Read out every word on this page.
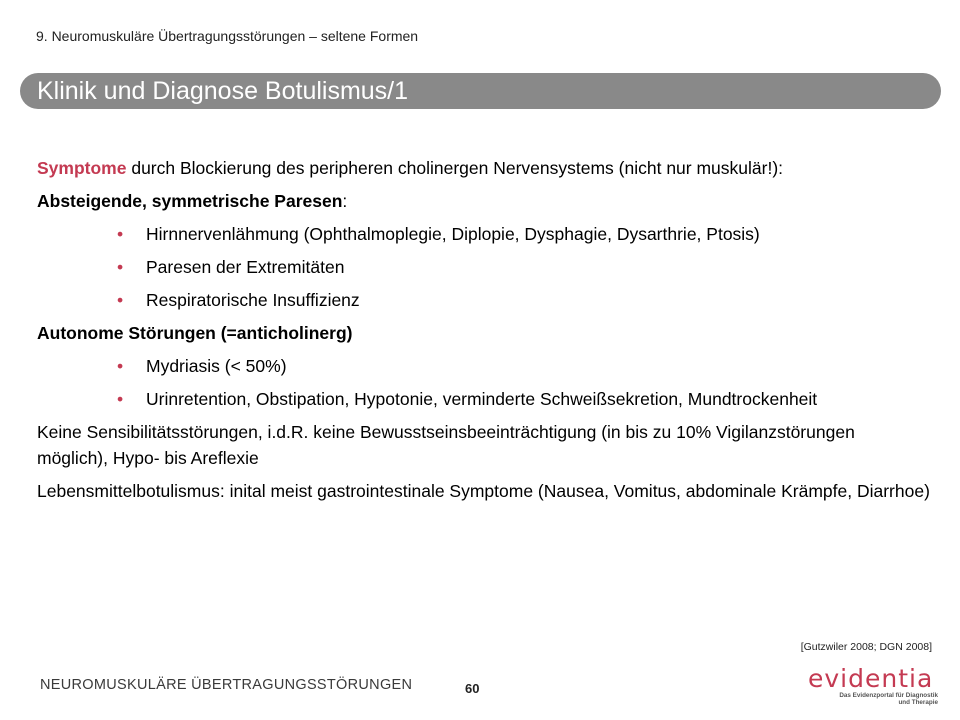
9. Neuromuskuläre Übertragungsstörungen – seltene Formen
Klinik und Diagnose Botulismus/1

Symptome durch Blockierung des peripheren cholinergen Nervensystems (nicht nur muskulär!):

Absteigende, symmetrische Paresen:

• Hirnnervenlähmung (Ophthalmoplegie, Diplopie, Dysphagie, Dysarthrie, Ptosis)
• Paresen der Extremitäten
• Respiratorische Insuffizienz

Autonome Störungen (=anticholinerg)

• Mydriasis (< 50%)
• Urinretention, Obstipation, Hypotonie, verminderte Schweißsekretion, Mundtrockenheit

Keine Sensibilitätsstörungen, i.d.R. keine Bewusstseinsbeeinträchtigung (in bis zu 10% Vigilanzstörungen möglich), Hypo- bis Areflexie

Lebensmittelbotulismus: inital meist gastrointestinale Symptome (Nausea, Vomitus, abdominale Krämpfe, Diarrhoe)

[Gutzwiler 2008; DGN 2008]
NEUROMUSKULÄRE ÜBERTRAGUNGSSTÖRUNGEN	60	evidentia
Das Evidenzportal für Diagnostik
und Therapie
